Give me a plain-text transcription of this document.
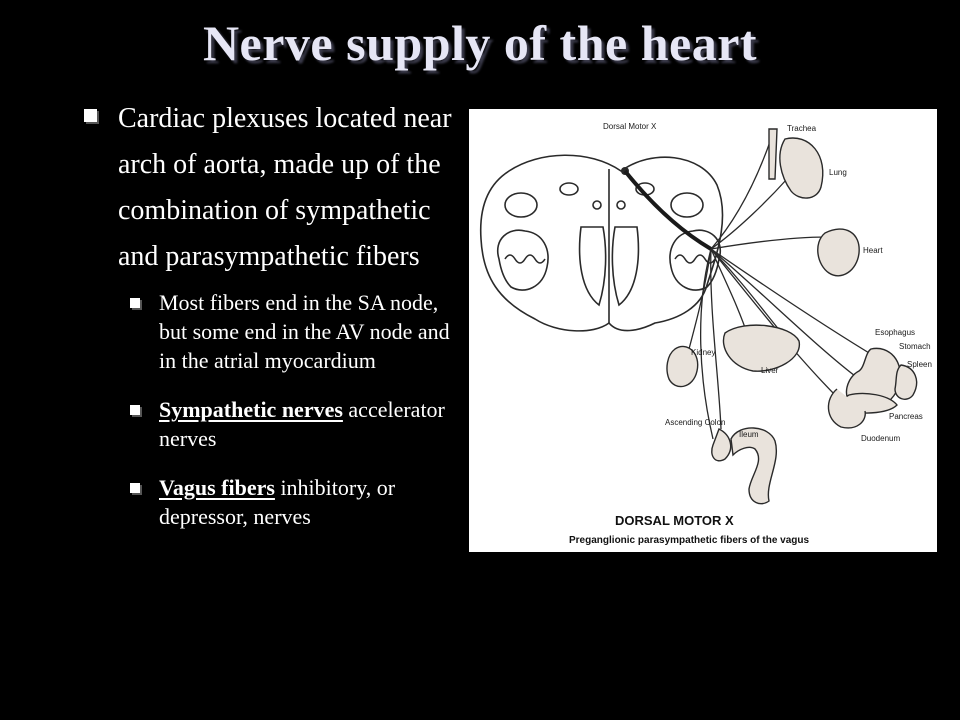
Nerve supply of the heart
Cardiac plexuses located near arch of aorta, made up of the combination of sympathetic and parasympathetic fibers
Most fibers end in the SA node, but some end in the AV node and in the atrial myocardium
Sympathetic nerves accelerator nerves
Vagus fibers inhibitory, or depressor, nerves
Dorsal Motor X	Trachea
Lung
Heart
Esophagus
Stomach
Spleen
Pancreas
Duodenum
Kidney
Liver
Ascending Colon
Ileum
DORSAL MOTOR X
Preganglionic parasympathetic fibers of the vagus
